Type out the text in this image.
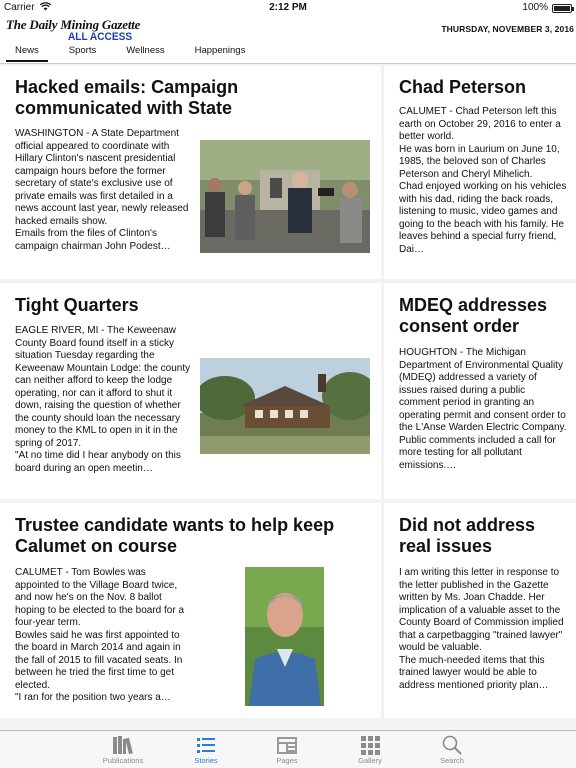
Carrier	2:12 PM	100%
The Daily Mining Gazette
ALL ACCESS
THURSDAY, NOVEMBER 3, 2016
News	Sports	Wellness	Happenings
Hacked emails: Campaign communicated with State
WASHINGTON - A State Department official appeared to coordinate with Hillary Clinton's nascent presidential campaign hours before the former secretary of state's exclusive use of private emails was first detailed in a news account last year, newly released hacked emails show.
Emails from the files of Clinton's campaign chairman John Podest…
Chad Peterson
CALUMET - Chad Peterson left this earth on October 29, 2016 to enter a better world.
He was born in Laurium on June 10, 1985, the beloved son of Charles Peterson and Cheryl Mihelich.
Chad enjoyed working on his vehicles with his dad, riding the back roads, listening to music, video games and going to the beach with his family. He leaves behind a special furry friend, Dai…
Tight Quarters
EAGLE RIVER, MI - The Keweenaw County Board found itself in a sticky situation Tuesday regarding the Keweenaw Mountain Lodge: the county can neither afford to keep the lodge operating, nor can it afford to shut it down, raising the question of whether the county should loan the necessary money to the KML to open in it in the spring of 2017.
"At no time did I hear anybody on this board during an open meetin…
MDEQ addresses consent order
HOUGHTON - The Michigan Department of Environmental Quality (MDEQ) addressed a variety of issues raised during a public comment period in granting an operating permit and consent order to the L'Anse Warden Electric Company.
Public comments included a call for more testing for all pollutant emissions.…
Trustee candidate wants to help keep Calumet on course
CALUMET - Tom Bowles was appointed to the Village Board twice, and now he's on the Nov. 8 ballot hoping to be elected to the board for a four-year term.
Bowles said he was first appointed to the board in March 2014 and again in the fall of 2015 to fill vacated seats. In between he tried the first time to get elected.
"I ran for the position two years a…
Did not address real issues
I am writing this letter in response to the letter published in the Gazette written by Ms. Joan Chadde. Her implication of a valuable asset to the County Board of Commission implied that a carpetbagging "trained lawyer" would be valuable.
The much-needed items that this trained lawyer would be able to address mentioned priority plan…
Publications	Stories	Pages	Gallery	Search
